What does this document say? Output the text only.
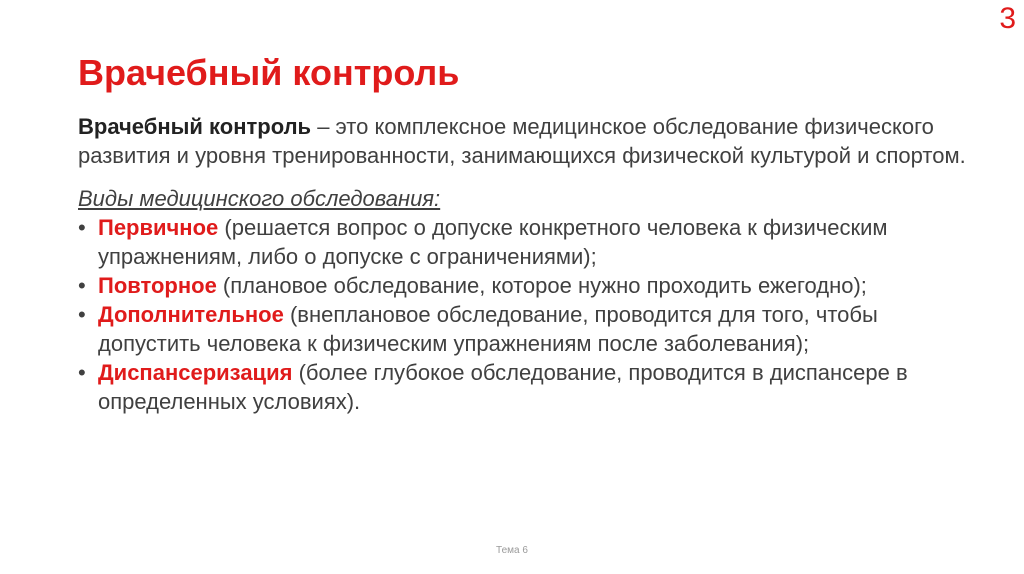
3
Врачебный контроль

Врачебный контроль – это комплексное медицинское обследование физического развития и уровня тренированности, занимающихся физической культурой и спортом.

Виды медицинского обследования:

• Первичное (решается вопрос о допуске конкретного человека к физическим упражнениям, либо о допуске с ограничениями);
• Повторное (плановое обследование, которое нужно проходить ежегодно);
• Дополнительное (внеплановое обследование, проводится для того, чтобы допустить человека к физическим упражнениям после заболевания);
• Диспансеризация (более глубокое обследование, проводится в диспансере в определенных условиях).
Тема 6
